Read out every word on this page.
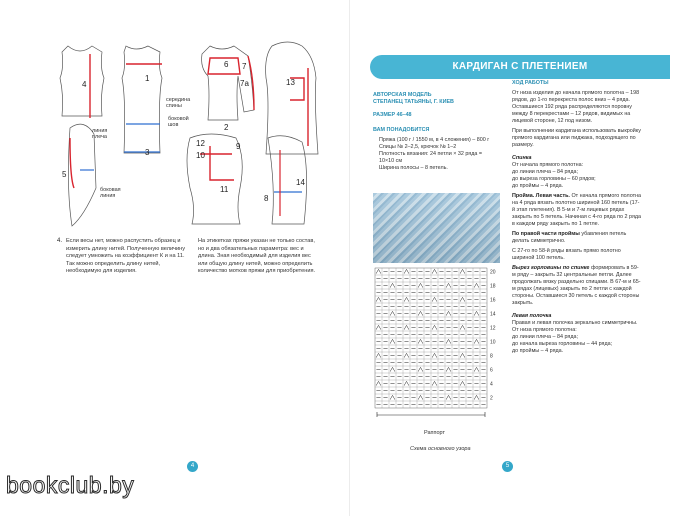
4
1
3
6 7
7a
2
5
13
12
10
11
9
8
14
середина
спины
боковой
шов
линия
плеча
боковая
линия
4. Если весы нет, можно распустить образец и измерить длину нитей. Полученную величину следует умножить на коэффициент К и на 11. Так можно определить длину нитей, необходимую для изделия.
На этикетках пряжи указан не только состав, но и два обязательных параметра: вес и длина. Зная необходимый для изделия вес или общую длину нитей, можно определить количество мотков пряжи для приобретения.
4
КАРДИГАН С ПЛЕТЕНИЕМ
АВТОРСКАЯ МОДЕЛЬ
СТЕПАНЕЦ ТАТЬЯНЫ, Г. КИЕВ
РАЗМЕР 46–48
ВАМ ПОНАДОБИТСЯ
Пряжа (100 г / 1550 м, в 4 сложения) – 800 г
Спицы № 2–2,5, крючок № 1–2
Плотность вязания: 24 петли × 32 ряда = 10×10 см
Ширина полосы – 8 петель.
20
18
16
14
12
10
8
6
4
2
Раппорт
Схема основного узора
ХОД РАБОТЫ
От низа изделия до начала прямого полотна – 198 рядов, до 1-го перекреста полос вниз – 4 ряда. Оставшиеся 192 ряда распределяются поровну между 8 перекрестами – 12 рядов, видимых на лицевой стороне, 12 под низом.
При выполнении кардигана использовать выкройку прямого кардигана или пиджака, подходящего по размеру.
Спинка
От начала прямого полотна:
до линии плеча – 84 ряда;
до выреза горловины – 60 рядов;
до проймы – 4 ряда.
Пройма. Левая часть. От начала прямого полотна на 4 ряда вязать полотно шириной 160 петель (17-й этап плетения). В 5-м и 7-м лицевых рядах закрыть по 5 петель. Начиная с 4-го ряда по 2 ряда в каждом ряду закрыть по 1 петле.
По правой части проймы убавления петель делать симметрично.
С 27-го по 58-й ряды вязать прямо полотно шириной 100 петель.
Вырез горловины по спинке формировать в 59-м ряду – закрыть 32 центральные петли. Далее продолжать вязку раздельно спицами. В 67-м и 65-м рядах (лицевых) закрыть по 2 петли с каждой стороны. Оставшиеся 30 петель с каждой стороны закрыть.
Левая полочка
Правая и левая полочка зеркально симметричны.
От низа прямого полотна:
до линии плеча – 84 ряда;
до начала выреза горловины – 44 ряда;
до проймы – 4 ряда.
5
bookclub.by
